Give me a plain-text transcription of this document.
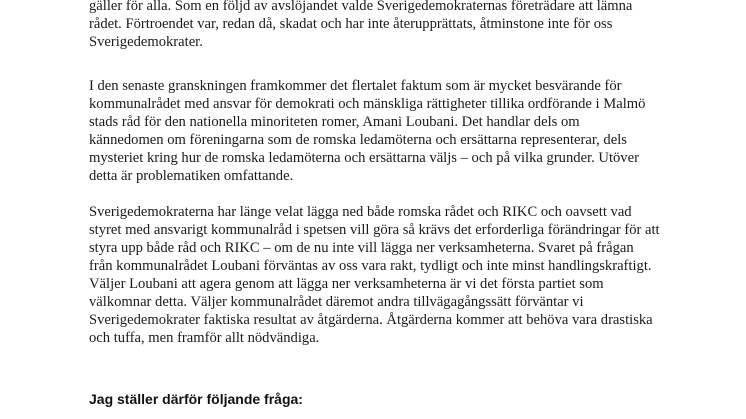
gäller för alla. Som en följd av avslöjandet valde Sverigedemokraternas företrädare att lämna
rådet. Förtroendet var, redan då, skadat och har inte återupprättats, åtminstone inte för oss
Sverigedemokrater.

I den senaste granskningen framkommer det flertalet faktum som är mycket besvärande för
kommunalrådet med ansvar för demokrati och mänskliga rättigheter tillika ordförande i Malmö
stads råd för den nationella minoriteten romer, Amani Loubani. Det handlar dels om
kännedomen om föreningarna som de romska ledamöterna och ersättarna representerar, dels
mysteriet kring hur de romska ledamöterna och ersättarna väljs – och på vilka grunder. Utöver
detta är problematiken omfattande.

Sverigedemokraterna har länge velat lägga ned både romska rådet och RIKC och oavsett vad
styret med ansvarigt kommunalråd i spetsen vill göra så krävs det erforderliga förändringar för att
styra upp både råd och RIKC – om de nu inte vill lägga ner verksamheterna. Svaret på frågan
från kommunalrådet Loubani förväntas av oss vara rakt, tydligt och inte minst handlingskraftigt.
Väljer Loubani att agera genom att lägga ner verksamheterna är vi det första partiet som
välkomnar detta. Väljer kommunalrådet däremot andra tillvägagångssätt förväntar vi
Sverigedemokrater faktiska resultat av åtgärderna. Åtgärderna kommer att behöva vara drastiska
och tuffa, men framför allt nödvändiga.

Jag ställer därför följande fråga:
